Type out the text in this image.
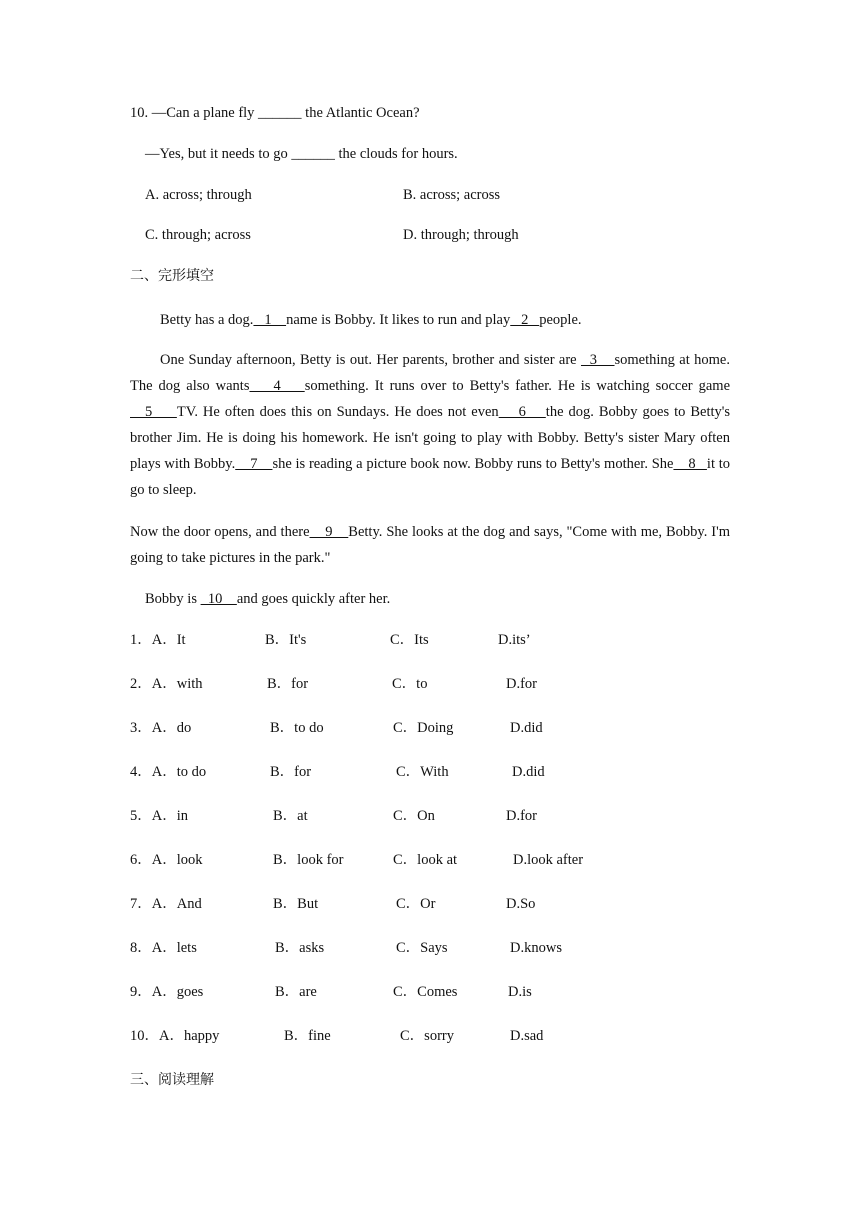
10. —Can a plane fly ______ the Atlantic Ocean?
—Yes, but it needs to go ______ the clouds for hours.
A. across; through	B. across; across
C. through; across	D. through; through
二、完形填空
Betty has a dog.   1    name is Bobby. It likes to run and play   2   people.
One Sunday afternoon, Betty is out. Her parents, brother and sister are   3    something at home. The dog also wants    4    something. It runs over to Betty's father. He is watching soccer game    5     TV. He often does this on Sundays. He does not even    6    the dog. Bobby goes to Betty's brother Jim. He is doing his homework. He isn't going to play with Bobby. Betty's sister Mary often plays with Bobby.    7    she is reading a picture book now. Bobby runs to Betty's mother. She    8   it to go to sleep.
Now the door opens, and there    9    Betty. She looks at the dog and says, "Come with me, Bobby. I'm going to take pictures in the park."
Bobby is   10    and goes quickly after her.
1．A．It	B．It's	C．Its	D.its’
2．A．with	B．for	C．to	D.for
3．A．do	B．to do	C．Doing	D.did
4．A．to do	B．for	C．With	D.did
5．A．in	B．at	C．On	D.for
6．A．look	B．look for	C．look at	D.look after
7．A．And	B．But	C．Or	D.So
8．A．lets	B．asks	C．Says	D.knows
9．A．goes	B．are	C．Comes	D.is
10．A．happy	B．fine	C．sorry	D.sad
三、阅读理解
